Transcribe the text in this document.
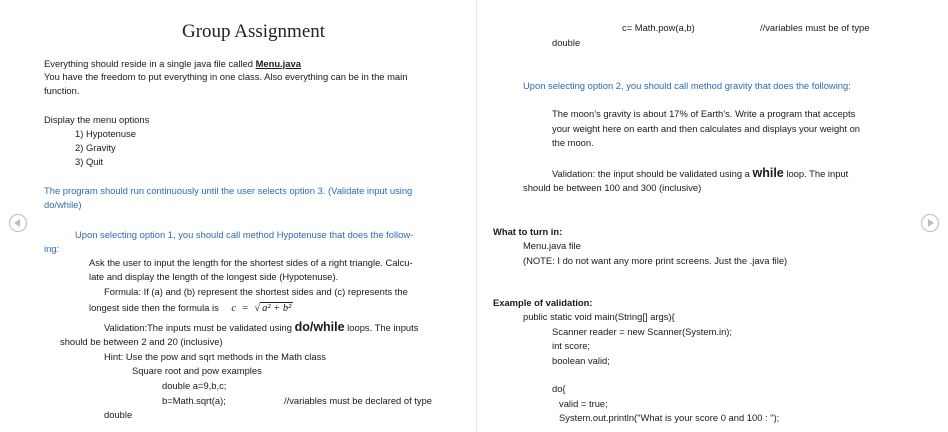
Group Assignment
Everything should reside in a single java file called Menu.java
You have the freedom to put everything in one class. Also everything can be in the main
function.
Display the menu options
1) Hypotenuse
2) Gravity
3) Quit
The program should run continuously until the user selects option 3. (Validate input using
do/while)
Upon selecting option 1, you should call method Hypotenuse that does the follow-
ing:
Ask the user to input the length for the shortest sides of a right triangle. Calcu-
late and display the length of the longest side (Hypotenuse).
Formula: If (a) and (b) represent the shortest sides and (c) represents the
longest side then the formula is c = √ a² + b²
Validation:The inputs must be validated using do/while loops. The inputs
should be between 2 and 20 (inclusive)
Hint: Use the pow and sqrt methods in the Math class
Square root and pow examples
double a=9,b,c;
b=Math.sqrt(a);	//variables must be declared of type
double
c= Math.pow(a,b)	//variables must be of type
double
Upon selecting option 2, you should call method gravity that does the following:
The moon’s gravity is about 17% of Earth’s. Write a program that accepts
your weight here on earth and then calculates and displays your weight on
the moon.
Validation: the input should be validated using a while loop. The input
should be between 100 and 300 (inclusive)
What to turn in:
Menu.java file
(NOTE: I do not want any more print screens. Just the .java file)
Example of validation:
public static void main(String[] args){
Scanner reader = new Scanner(System.in);
int score;
boolean valid;
do{
valid = true;
System.out.println("What is your score 0 and 100 : ");
